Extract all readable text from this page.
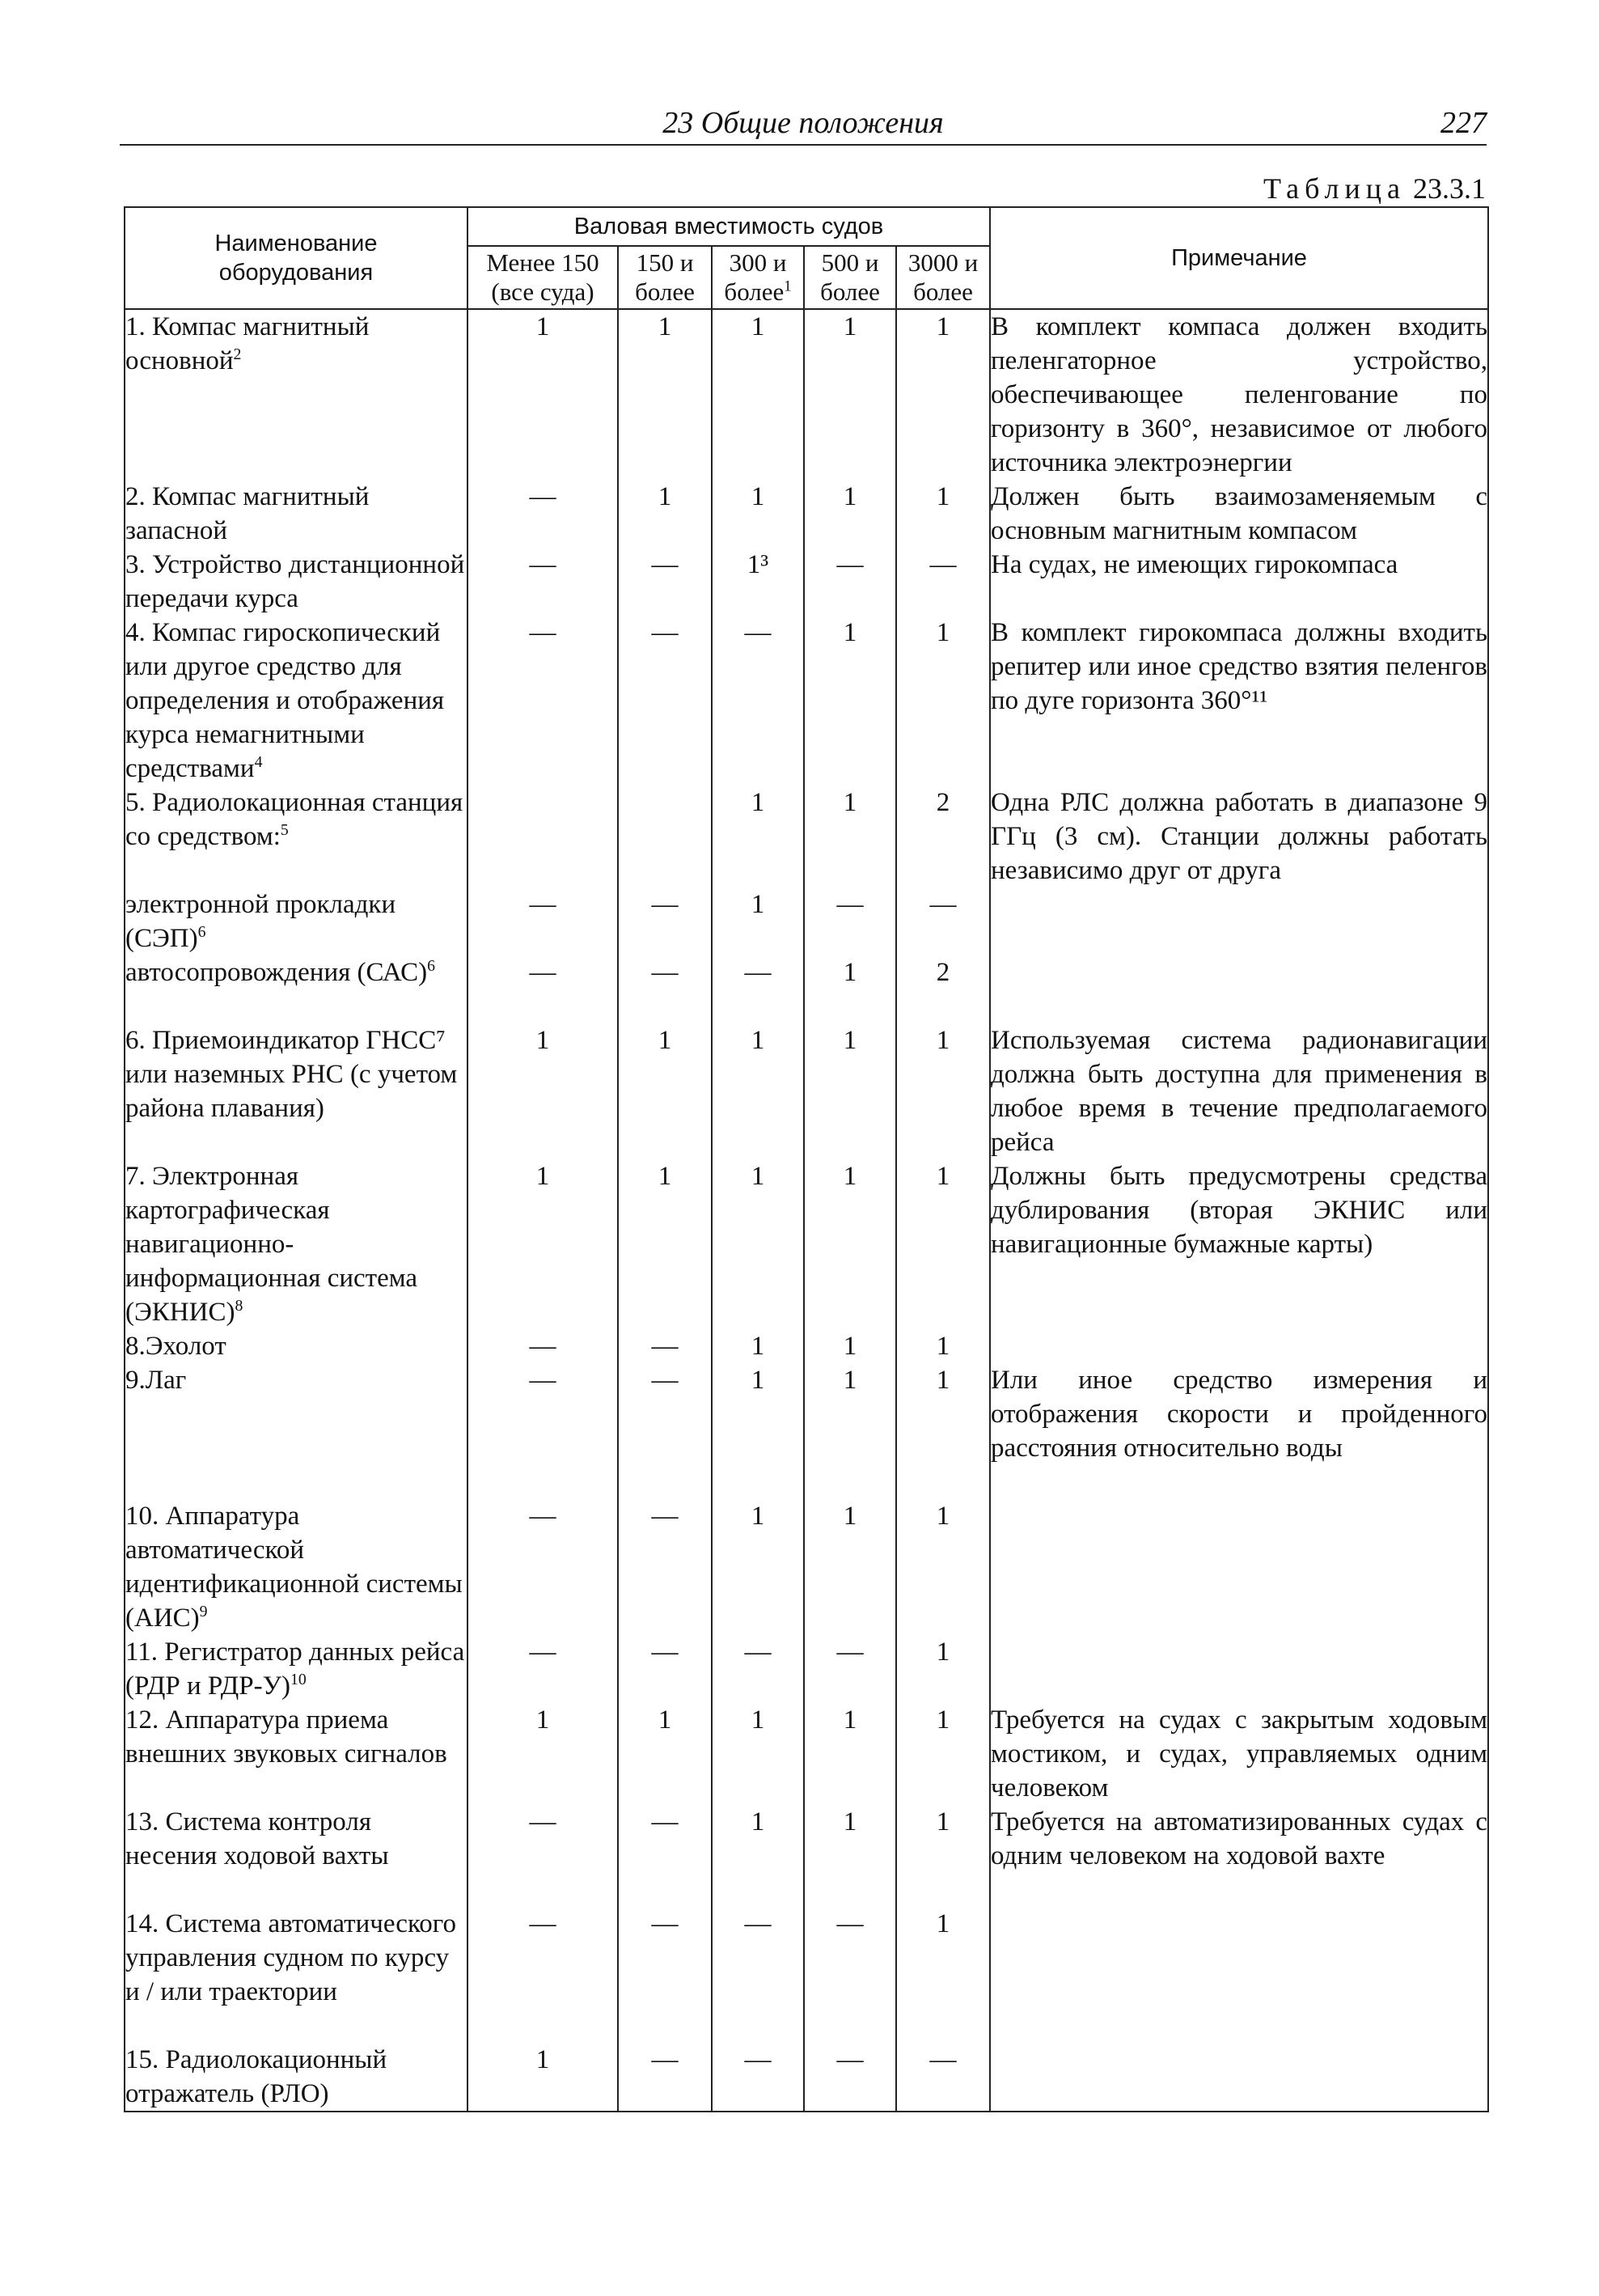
23 Общие положения	227
Таблица 23.3.1
Наименование оборудования	Валовая вместимость судов					Примечание
	Менее 150 (все суда)	150 и более	300 и более$^1$	500 и более	3000 и более	
1. Компас магнитный основной$^2$	1	1	1	1	1	В комплект компаса должен входить пеленгаторное устройство, обеспечивающее пеленгование по горизонту в 360°, независимое от любого источника электроэнергии
2. Компас магнитный запасной	—	1	1	1	1	Должен быть взаимозаменяемым с основным магнитным компасом
3. Устройство дистанционной передачи курса	—	—	1³	—	—	На судах, не имеющих гирокомпаса
4. Компас гироскопический или другое средство для определения и отображения курса немагнитными средствами$^4$	—	—	—	1	1	В комплект гирокомпаса должны входить репитер или иное средство взятия пеленгов по дуге горизонта 360°¹¹
5. Радиолокационная станция со средством:$^5$			1	1	2	Одна РЛС должна работать в диапазоне 9 ГГц (3 см). Станции должны работать независимо друг от друга
электронной прокладки (СЭП)$^6$	—	—	1	—	—	
автосопровождения (САС)$^6$	—	—	—	1	2	
6. Приемоиндикатор ГНСС⁷ или наземных РНС (с учетом района плавания)	1	1	1	1	1	Используемая система радионавигации должна быть доступна для применения в любое время в течение предполагаемого рейса
7. Электронная картографическая навигационно-информационная система (ЭКНИС)$^8$	1	1	1	1	1	Должны быть предусмотрены средства дублирования (вторая ЭКНИС или навигационные бумажные карты)
8.Эхолот	—	—	1	1	1	
9.Лаг	—	—	1	1	1	Или иное средство измерения и отображения скорости и пройденного расстояния относительно воды
10. Аппаратура автоматической идентификационной системы (АИС)$^9$	—	—	1	1	1	
11. Регистратор данных рейса (РДР и РДР-У)$^{10}$	—	—	—	—	1	
12. Аппаратура приема внешних звуковых сигналов	1	1	1	1	1	Требуется на судах с закрытым ходовым мостиком, и судах, управляемых одним человеком
13. Система контроля несения ходовой вахты	—	—	1	1	1	Требуется на автоматизированных судах с одним человеком на ходовой вахте
14. Система автоматического управления судном по курсу и / или траектории	—	—	—	—	1	
15. Радиолокационный отражатель (РЛО)	1	—	—	—	—	
